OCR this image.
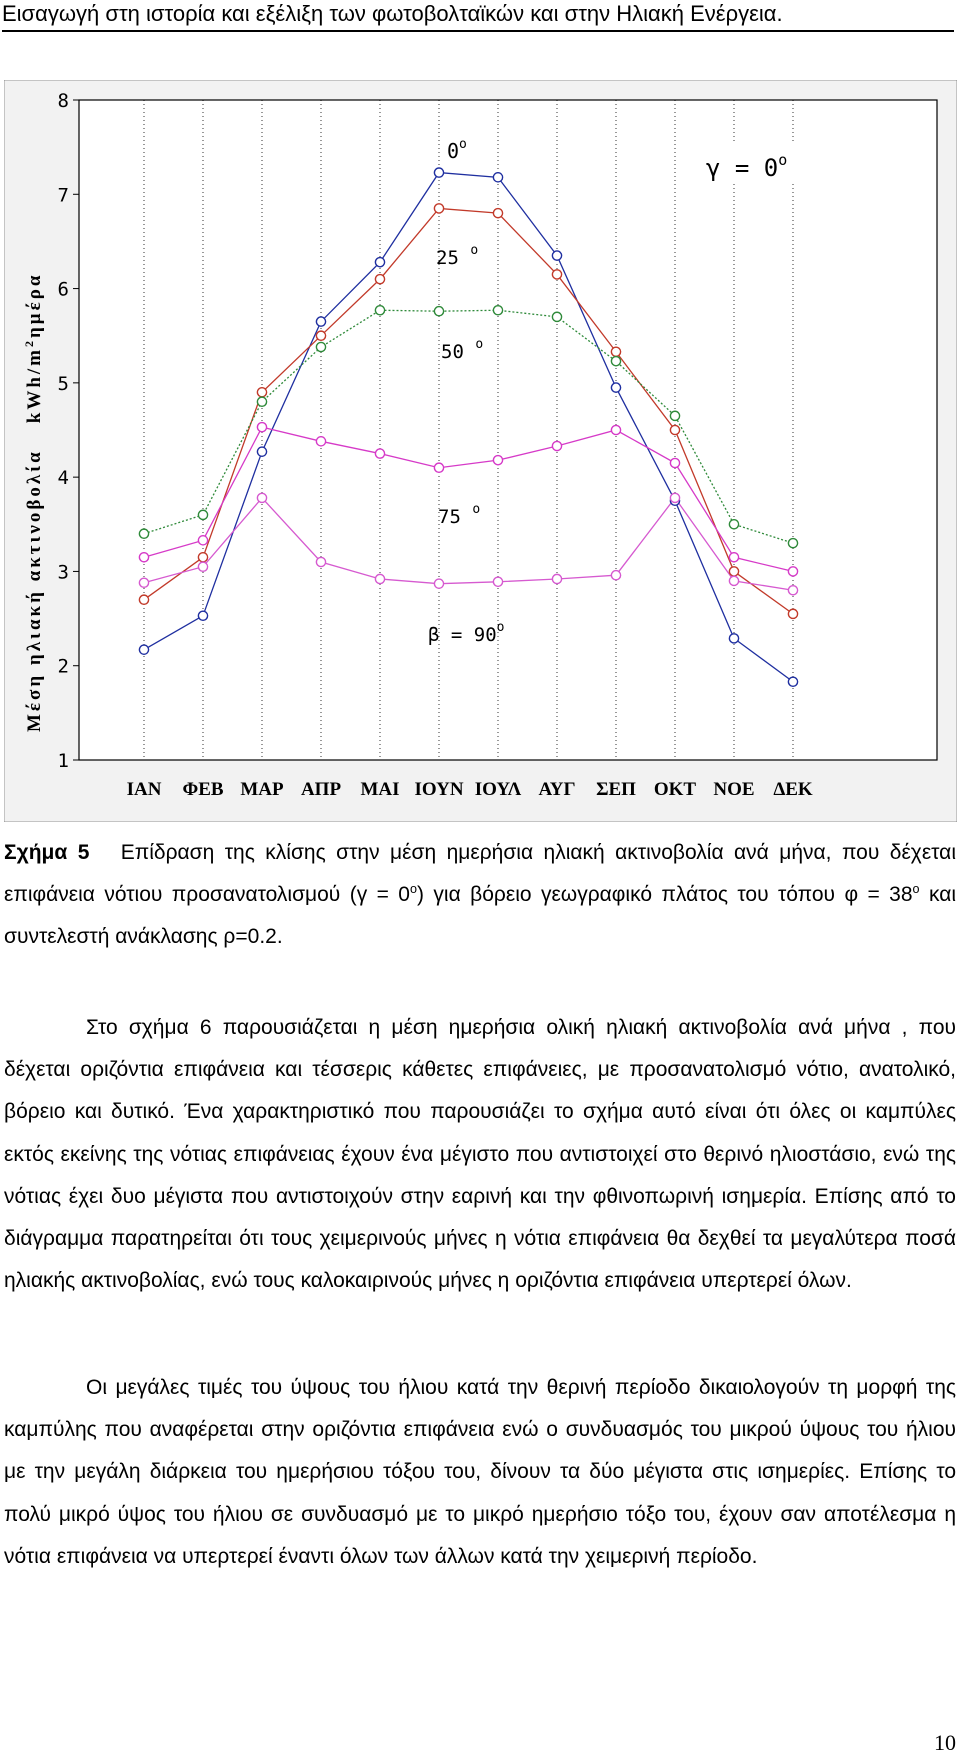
Εισαγωγή στη ιστορία και εξέλιξη των φωτοβολταϊκών και στην Ηλιακή Ενέργεια.
1
2
3
4
5
6
7
8
ΙΑΝ ΦΕΒ ΜΑΡ ΑΠΡ ΜΑΙ ΙΟΥΝ ΙΟΥΛ ΑΥΓ ΣΕΠ ΟΚΤ ΝΟΕ ΔΕΚ
Μέση ηλιακή ακτινοβολίαkWh/$m^2\eta\mu έ\rho\alpha$
$\gamma = 0^o$
0$^o$
25 $^o$
50 $^o$
75 $^o$
$\beta = 90^o$
Σχήμα 5 Επίδραση της κλίσης στην μέση ημερήσια ηλιακή ακτινοβολία ανά μήνα, που δέχεται επιφάνεια νότιου προσανατολισμού $(\gamma = 0^o)$ για βόρειο γεωγραφικό πλάτος του τόπου $\varphi = 38^o$ και συντελεστή ανάκλασης ρ=0.2.

Στο σχήμα 6 παρουσιάζεται η μέση ημερήσια ολική ηλιακή ακτινοβολία ανά μήνα , που δέχεται οριζόντια επιφάνεια και τέσσερις κάθετες επιφάνειες, με προσανατολισμό νότιο, ανατολικό, βόρειο και δυτικό. Ένα χαρακτηριστικό που παρουσιάζει το σχήμα αυτό είναι ότι όλες οι καμπύλες εκτός εκείνης της νότιας επιφάνειας έχουν ένα μέγιστο που αντιστοιχεί στο θερινό ηλιοστάσιο, ενώ της νότιας έχει δυο μέγιστα που αντιστοιχούν στην εαρινή και την φθινοπωρινή ισημερία. Επίσης από το διάγραμμα παρατηρείται ότι τους χειμερινούς μήνες η νότια επιφάνεια θα δεχθεί τα μεγαλύτερα ποσά ηλιακής ακτινοβολίας, ενώ τους καλοκαιρινούς μήνες η οριζόντια επιφάνεια υπερτερεί όλων.

Οι μεγάλες τιμές του ύψους του ήλιου κατά την θερινή περίοδο δικαιολογούν τη μορφή της καμπύλης που αναφέρεται στην οριζόντια επιφάνεια ενώ ο συνδυασμός του μικρού ύψους του ήλιου με την μεγάλη διάρκεια του ημερήσιου τόξου του, δίνουν τα δύο μέγιστα στις ισημερίες. Επίσης το πολύ μικρό ύψος του ήλιου σε συνδυασμό με το μικρό ημερήσιο τόξο του, έχουν σαν αποτέλεσμα η νότια επιφάνεια να υπερτερεί έναντι όλων των άλλων κατά την χειμερινή περίοδο.

10
